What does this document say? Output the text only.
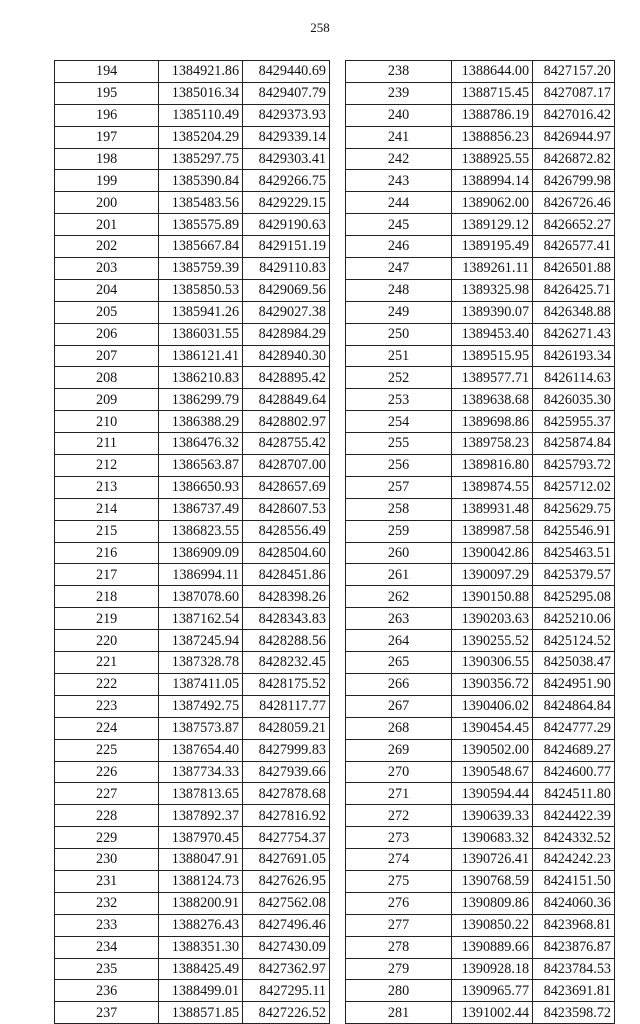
258
194	1384921.86	8429440.69
195	1385016.34	8429407.79
196	1385110.49	8429373.93
197	1385204.29	8429339.14
198	1385297.75	8429303.41
199	1385390.84	8429266.75
200	1385483.56	8429229.15
201	1385575.89	8429190.63
202	1385667.84	8429151.19
203	1385759.39	8429110.83
204	1385850.53	8429069.56
205	1385941.26	8429027.38
206	1386031.55	8428984.29
207	1386121.41	8428940.30
208	1386210.83	8428895.42
209	1386299.79	8428849.64
210	1386388.29	8428802.97
211	1386476.32	8428755.42
212	1386563.87	8428707.00
213	1386650.93	8428657.69
214	1386737.49	8428607.53
215	1386823.55	8428556.49
216	1386909.09	8428504.60
217	1386994.11	8428451.86
218	1387078.60	8428398.26
219	1387162.54	8428343.83
220	1387245.94	8428288.56
221	1387328.78	8428232.45
222	1387411.05	8428175.52
223	1387492.75	8428117.77
224	1387573.87	8428059.21
225	1387654.40	8427999.83
226	1387734.33	8427939.66
227	1387813.65	8427878.68
228	1387892.37	8427816.92
229	1387970.45	8427754.37
230	1388047.91	8427691.05
231	1388124.73	8427626.95
232	1388200.91	8427562.08
233	1388276.43	8427496.46
234	1388351.30	8427430.09
235	1388425.49	8427362.97
236	1388499.01	8427295.11
237	1388571.85	8427226.52
238	1388644.00	8427157.20
239	1388715.45	8427087.17
240	1388786.19	8427016.42
241	1388856.23	8426944.97
242	1388925.55	8426872.82
243	1388994.14	8426799.98
244	1389062.00	8426726.46
245	1389129.12	8426652.27
246	1389195.49	8426577.41
247	1389261.11	8426501.88
248	1389325.98	8426425.71
249	1389390.07	8426348.88
250	1389453.40	8426271.43
251	1389515.95	8426193.34
252	1389577.71	8426114.63
253	1389638.68	8426035.30
254	1389698.86	8425955.37
255	1389758.23	8425874.84
256	1389816.80	8425793.72
257	1389874.55	8425712.02
258	1389931.48	8425629.75
259	1389987.58	8425546.91
260	1390042.86	8425463.51
261	1390097.29	8425379.57
262	1390150.88	8425295.08
263	1390203.63	8425210.06
264	1390255.52	8425124.52
265	1390306.55	8425038.47
266	1390356.72	8424951.90
267	1390406.02	8424864.84
268	1390454.45	8424777.29
269	1390502.00	8424689.27
270	1390548.67	8424600.77
271	1390594.44	8424511.80
272	1390639.33	8424422.39
273	1390683.32	8424332.52
274	1390726.41	8424242.23
275	1390768.59	8424151.50
276	1390809.86	8424060.36
277	1390850.22	8423968.81
278	1390889.66	8423876.87
279	1390928.18	8423784.53
280	1390965.77	8423691.81
281	1391002.44	8423598.72
